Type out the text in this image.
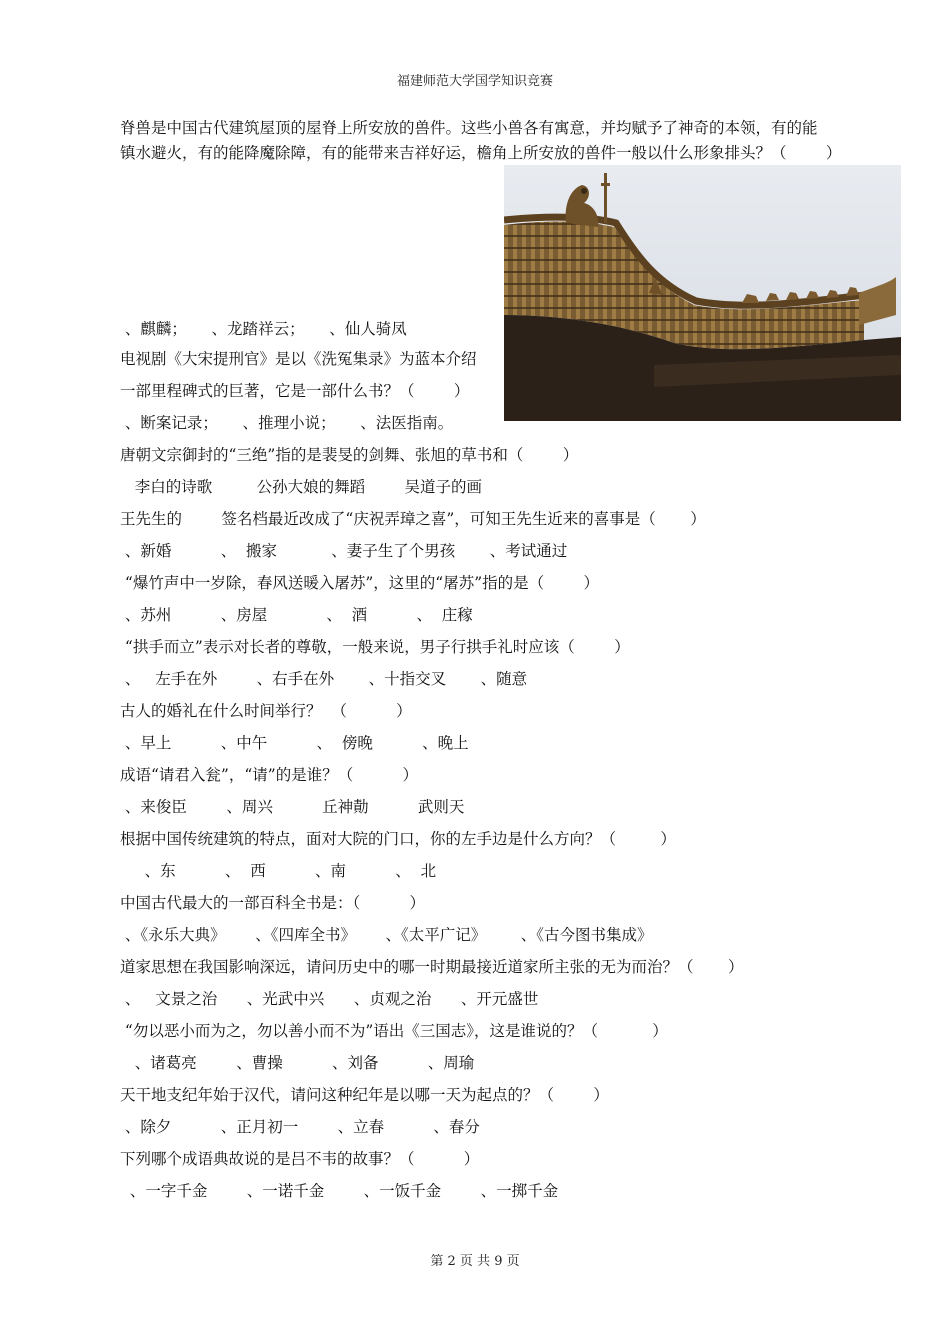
福建师范大学国学知识竞赛
脊兽是中国古代建筑屋顶的屋脊上所安放的兽件。这些小兽各有寓意，并均赋予了神奇的本领，有的能
镇水避火，有的能降魔除障，有的能带来吉祥好运，檐角上所安放的兽件一般以什么形象排头？（        ）
、麒麟；     、龙踏祥云；     、仙人骑凤
电视剧《大宋提刑官》是以《洗冤集录》为蓝本介绍
一部里程碑式的巨著，它是一部什么书？（        ）
、断案记录；     、推理小说；     、法医指南。
唐朝文宗御封的“三绝”指的是裴旻的剑舞、张旭的草书和（        ）
李白的诗歌         公孙大娘的舞蹈        吴道子的画
王先生的        签名档最近改成了“庆祝弄璋之喜”，可知王先生近来的喜事是（       ）
、新婚          、  搬家           、妻子生了个男孩       、考试通过
“爆竹声中一岁除，春风送暖入屠苏”，这里的“屠苏”指的是（        ）
、苏州          、房屋            、  酒          、  庄稼
“拱手而立”表示对长者的尊敬，一般来说，男子行拱手礼时应该（        ）
、   左手在外        、右手在外       、十指交叉       、随意
古人的婚礼在什么时间举行？  （          ）
、早上          、中午          、  傍晚          、晚上
成语“请君入瓮”，“请”的是谁？（          ）
、来俊臣        、周兴          丘神勣          武则天
根据中国传统建筑的特点，面对大院的门口，你的左手边是什么方向？（         ）
、东          、  西          、南          、  北
中国古代最大的一部百科全书是：（          ）
、《永乐大典》      、《四库全书》      、《太平广记》       、《古今图书集成》
道家思想在我国影响深远，请问历史中的哪一时期最接近道家所主张的无为而治？（       ）
、   文景之治      、光武中兴      、贞观之治      、开元盛世
“勿以恶小而为之，勿以善小而不为”语出《三国志》，这是谁说的？（           ）
、诸葛亮        、曹操          、刘备          、周瑜
天干地支纪年始于汉代，请问这种纪年是以哪一天为起点的？（        ）
、除夕          、正月初一        、立春          、春分
下列哪个成语典故说的是吕不韦的故事？（          ）
、一字千金        、一诺千金        、一饭千金        、一掷千金
第 2 页 共 9 页
